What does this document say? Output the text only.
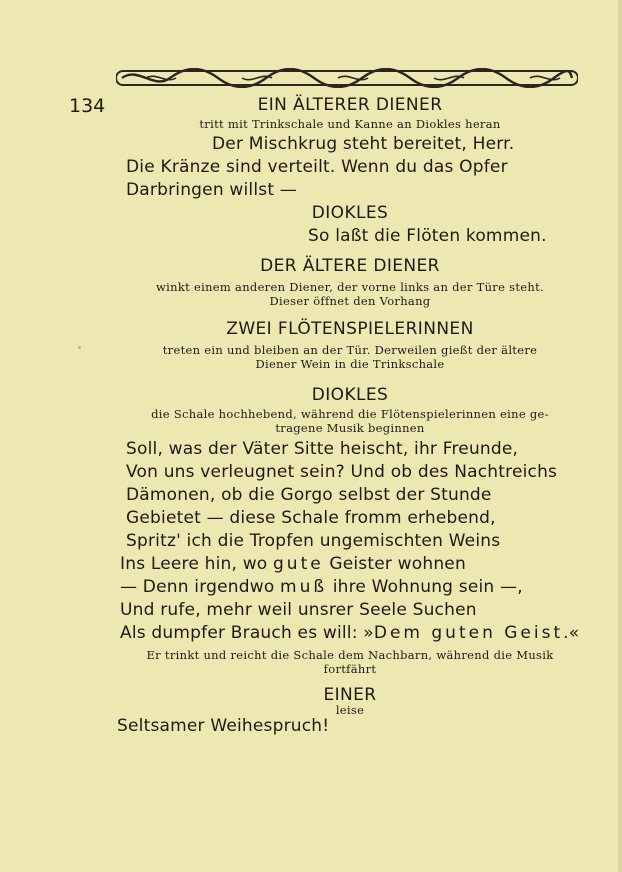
134	EIN ÄLTERER DIENER

tritt mit Trinkschale und Kanne an Diokles heran

Der Mischkrug steht bereitet, Herr.

Die Kränze sind verteilt. Wenn du das Opfer

Darbringen willst —

DIOKLES

So laßt die Flöten kommen.

DER ÄLTERE DIENER

winkt einem anderen Diener, der vorne links an der Türe steht.

Dieser öffnet den Vorhang

ZWEI FLÖTENSPIELERINNEN

treten ein und bleiben an der Tür. Derweilen gießt der ältere

Diener Wein in die Trinkschale

DIOKLES

die Schale hochhebend, während die Flötenspielerinnen eine ge-

tragene Musik beginnen

Soll, was der Väter Sitte heischt, ihr Freunde,

Von uns verleugnet sein? Und ob des Nachtreichs

Dämonen, ob die Gorgo selbst der Stunde

Gebietet — diese Schale fromm erhebend,

Spritz' ich die Tropfen ungemischten Weins

Ins Leere hin, wo gute Geister wohnen

— Denn irgendwo muß ihre Wohnung sein —,

Und rufe, mehr weil unsrer Seele Suchen

Als dumpfer Brauch es will: »Dem guten Geist.«

Er trinkt und reicht die Schale dem Nachbarn, während die Musik

fortfährt

EINER

leise

Seltsamer Weihespruch!
